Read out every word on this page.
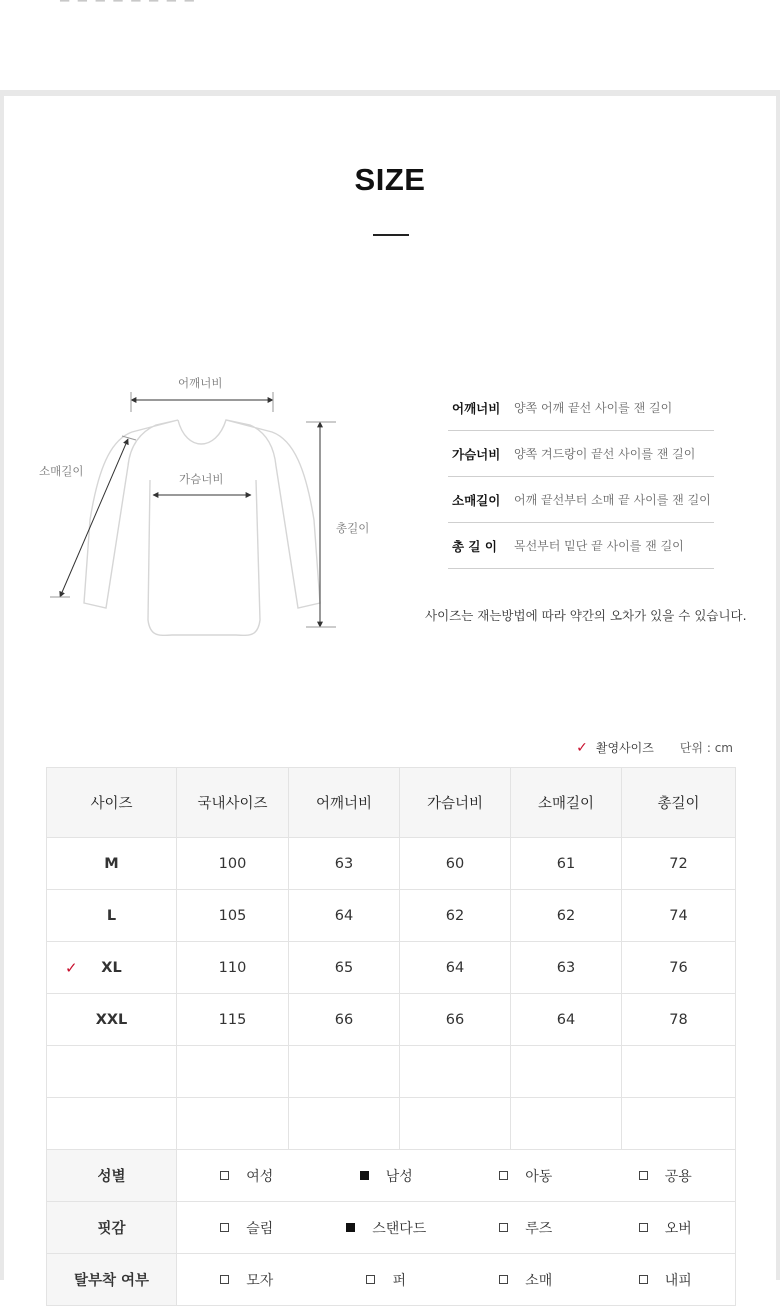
─ ─ ─ ─ ─ ─ ─ ─
SIZE
어깨너비
가슴너비
소매길이
총길이
어깨너비	양쪽 어깨 끝선 사이를 잰 길이
가슴너비	양쪽 겨드랑이 끝선 사이를 잰 길이
소매길이	어깨 끝선부터 소매 끝 사이를 잰 길이
총 길 이	목선부터 밑단 끝 사이를 잰 길이
사이즈는 재는방법에 따라 약간의 오차가 있을 수 있습니다.
✓ 촬영사이즈 단위 : cm
사이즈	국내사이즈	어깨너비	가슴너비	소매길이	총길이
M	100	63	60	61	72
L	105	64	62	62	74

✓ XL	110	65	64	63	76
XXL	115	66	66	64	78

성별	여성 남성 아동 공용				

핏감	슬림 스탠다드 루즈 오버				

탈부착 여부	모자 퍼 소매 내피				
